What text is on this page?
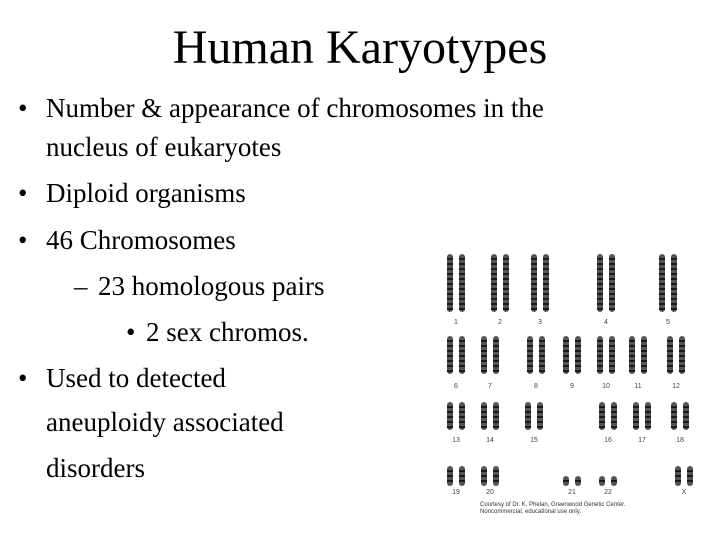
Human Karyotypes
• Number & appearance of chromosomes in the
nucleus of eukaryotes
• Diploid organisms
• 46 Chromosomes
– 23 homologous pairs
• 2 sex chromos.
• Used to detected
aneuploidy associated
disorders
1	2	3	4	5
6	7	8	9	10	11	12
13	14	15	16	17	18
19	20	21	22	X
Courtesy of Dr. K. Phelan, Greenwood Genetic Center.
Noncommercial, educational use only.
